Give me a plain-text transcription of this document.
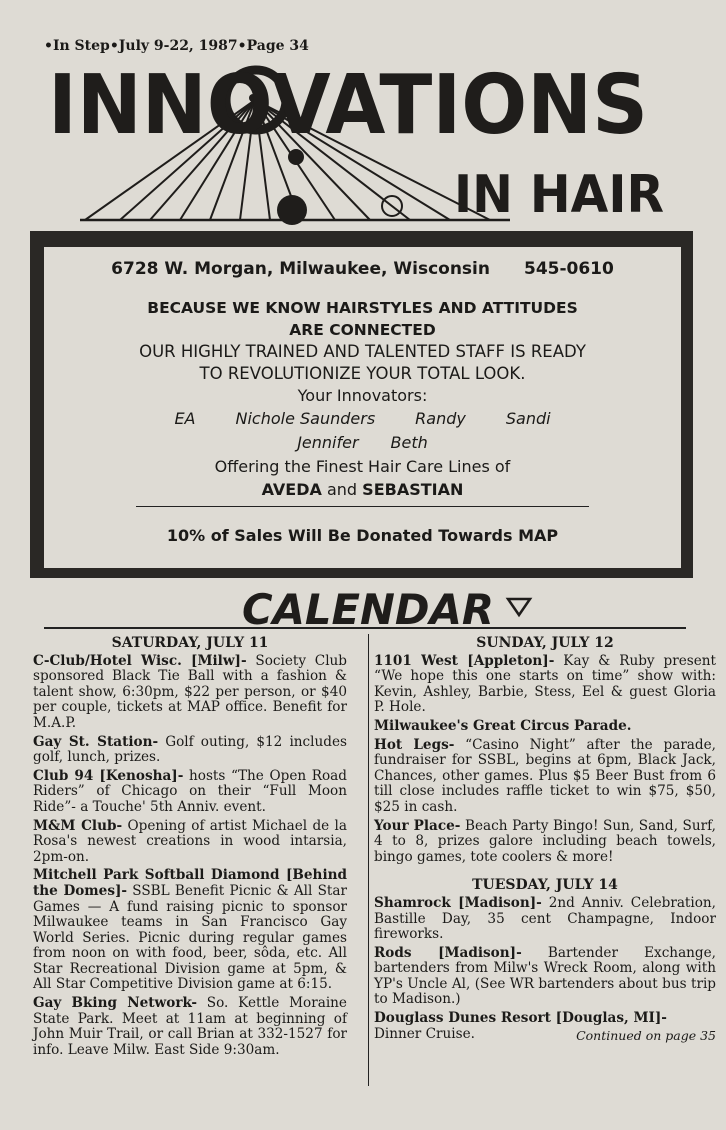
•In Step•July 9-22, 1987•Page 34
INNOVATIONS
IN HAIR
6728 W. Morgan, Milwaukee, Wisconsin 545-0610
BECAUSE WE KNOW HAIRSTYLES AND ATTITUDES
ARE CONNECTED
OUR HIGHLY TRAINED AND TALENTED STAFF IS READY
TO REVOLUTIONIZE YOUR TOTAL LOOK.
Your Innovators:
EA	Nichole Saunders	Randy	Sandi
Jennifer Beth
Offering the Finest Hair Care Lines of
AVEDA and SEBASTIAN
10% of Sales Will Be Donated Towards MAP
CALENDAR
SATURDAY, JULY 11
C-Club/Hotel Wisc. [Milw]- Society Club sponsored Black Tie Ball with a fashion & talent show, 6:30pm, $22 per person, or $40 per couple, tickets at MAP office. Benefit for M.A.P.
Gay St. Station- Golf outing, $12 includes golf, lunch, prizes.
Club 94 [Kenosha]- hosts “The Open Road Riders” of Chicago on their “Full Moon Ride”- a Touche' 5th Anniv. event.
M&M Club- Opening of artist Michael de la Rosa's newest creations in wood intarsia, 2pm-on.
Mitchell Park Softball Diamond [Behind the Domes]- SSBL Benefit Picnic & All Star Games — A fund raising picnic to sponsor Milwaukee teams in San Francisco Gay World Series. Picnic during regular games from noon on with food, beer, sôda, etc. All Star Recreational Division game at 5pm, & All Star Competitive Division game at 6:15.
Gay Bking Network- So. Kettle Moraine State Park. Meet at 11am at beginning of John Muir Trail, or call Brian at 332-1527 for info. Leave Milw. East Side 9:30am.
SUNDAY, JULY 12
1101 West [Appleton]- Kay & Ruby present “We hope this one starts on time” show with: Kevin, Ashley, Barbie, Stess, Eel & guest Gloria P. Hole.
Milwaukee's Great Circus Parade.
Hot Legs- “Casino Night” after the parade, fundraiser for SSBL, begins at 6pm, Black Jack, Chances, other games. Plus $5 Beer Bust from 6 till close includes raffle ticket to win $75, $50, $25 in cash.
Your Place- Beach Party Bingo! Sun, Sand, Surf, 4 to 8, prizes galore including beach towels, bingo games, tote coolers & more!
TUESDAY, JULY 14
Shamrock [Madison]- 2nd Anniv. Celebration, Bastille Day, 35 cent Champagne, Indoor fireworks.
Rods [Madison]- Bartender Exchange, bartenders from Milw's Wreck Room, along with YP's Uncle Al, (See WR bartenders about bus trip to Madison.)
Douglass Dunes Resort [Douglas, MI]- Dinner Cruise.	Continued on page 35
